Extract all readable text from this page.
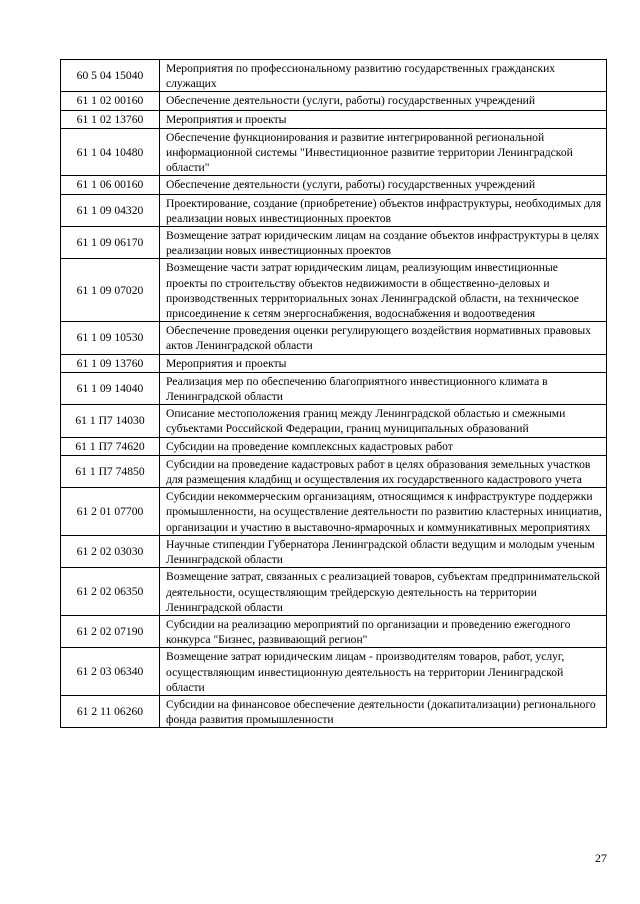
60 5 04 15040	Мероприятия по профессиональному развитию государственных гражданских служащих
61 1 02 00160	Обеспечение деятельности (услуги, работы) государственных учреждений
61 1 02 13760	Мероприятия и проекты
61 1 04 10480	Обеспечение функционирования и развитие интегрированной региональной информационной системы "Инвестиционное развитие территории Ленинградской области"
61 1 06 00160	Обеспечение деятельности (услуги, работы) государственных учреждений
61 1 09 04320	Проектирование, создание (приобретение) объектов инфраструктуры, необходимых для реализации новых инвестиционных проектов
61 1 09 06170	Возмещение затрат юридическим лицам на создание объектов инфраструктуры в целях реализации новых инвестиционных проектов
61 1 09 07020	Возмещение части затрат юридическим лицам, реализующим инвестиционные проекты по строительству объектов недвижимости в общественно-деловых и производственных территориальных зонах Ленинградской области, на техническое присоединение к сетям энергоснабжения, водоснабжения и водоотведения
61 1 09 10530	Обеспечение проведения оценки регулирующего воздействия нормативных правовых актов Ленинградской области
61 1 09 13760	Мероприятия и проекты
61 1 09 14040	Реализация мер по обеспечению благоприятного инвестиционного климата в Ленинградской области
61 1 П7 14030	Описание местоположения границ между Ленинградской областью и смежными субъектами Российской Федерации, границ муниципальных образований
61 1 П7 74620	Субсидии на проведение комплексных кадастровых работ
61 1 П7 74850	Субсидии на проведение кадастровых работ в целях образования земельных участков для размещения кладбищ и осуществления их государственного кадастрового учета
61 2 01 07700	Субсидии некоммерческим организациям, относящимся к инфраструктуре поддержки промышленности, на осуществление деятельности по развитию кластерных инициатив, организации и участию в выставочно-ярмарочных и коммуникативных мероприятиях
61 2 02 03030	Научные стипендии Губернатора Ленинградской области ведущим и молодым ученым Ленинградской области
61 2 02 06350	Возмещение затрат, связанных с реализацией товаров, субъектам предпринимательской деятельности, осуществляющим трейдерскую деятельность на территории Ленинградской области
61 2 02 07190	Субсидии на реализацию мероприятий по организации и проведению ежегодного конкурса "Бизнес, развивающий регион"
61 2 03 06340	Возмещение затрат юридическим лицам - производителям товаров, работ, услуг, осуществляющим инвестиционную деятельность на территории Ленинградской области
61 2 11 06260	Субсидии на финансовое обеспечение деятельности (докапитализации) регионального фонда развития промышленности
27
